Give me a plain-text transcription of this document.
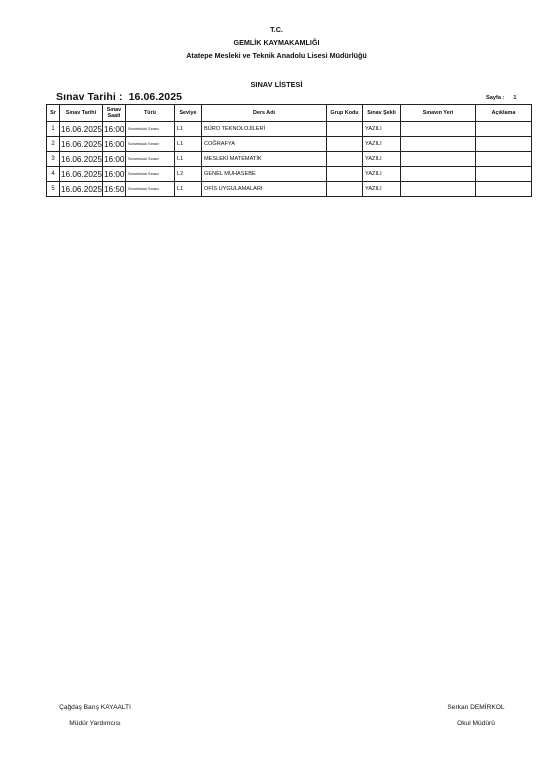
T.C.
GEMLİK KAYMAKAMLIĞI
Atatepe Mesleki ve Teknik Anadolu Lisesi Müdürlüğü
SINAV LİSTESİ
Sınav Tarihi : 16.06.2025	Sayfa : 1
Sr	Sınav Tarihi	Sınav Saati	Türü	Seviye	Ders Adı	Grup Kodu	Sınav Şekli	Sınavın Yeri	Açıklama
1	16.06.2025	16:00	Sorumluluk Sınavı	L1	BÜRO TEKNOLOJİLERİ		YAZILI		
2	16.06.2025	16:00	Sorumluluk Sınavı	L1	COĞRAFYA		YAZILI		
3	16.06.2025	16:00	Sorumluluk Sınavı	L1	MESLEKİ MATEMATİK		YAZILI		
4	16.06.2025	16:00	Sorumluluk Sınavı	L2	GENEL MUHASEBE		YAZILI		
5	16.06.2025	16:50	Sorumluluk Sınavı	L1	OFİS UYGULAMALARI		YAZILI		
Çağdaş Barış KAYAALTI
Müdür Yardımcısı
Serkan DEMİRKOL
Okul Müdürü
